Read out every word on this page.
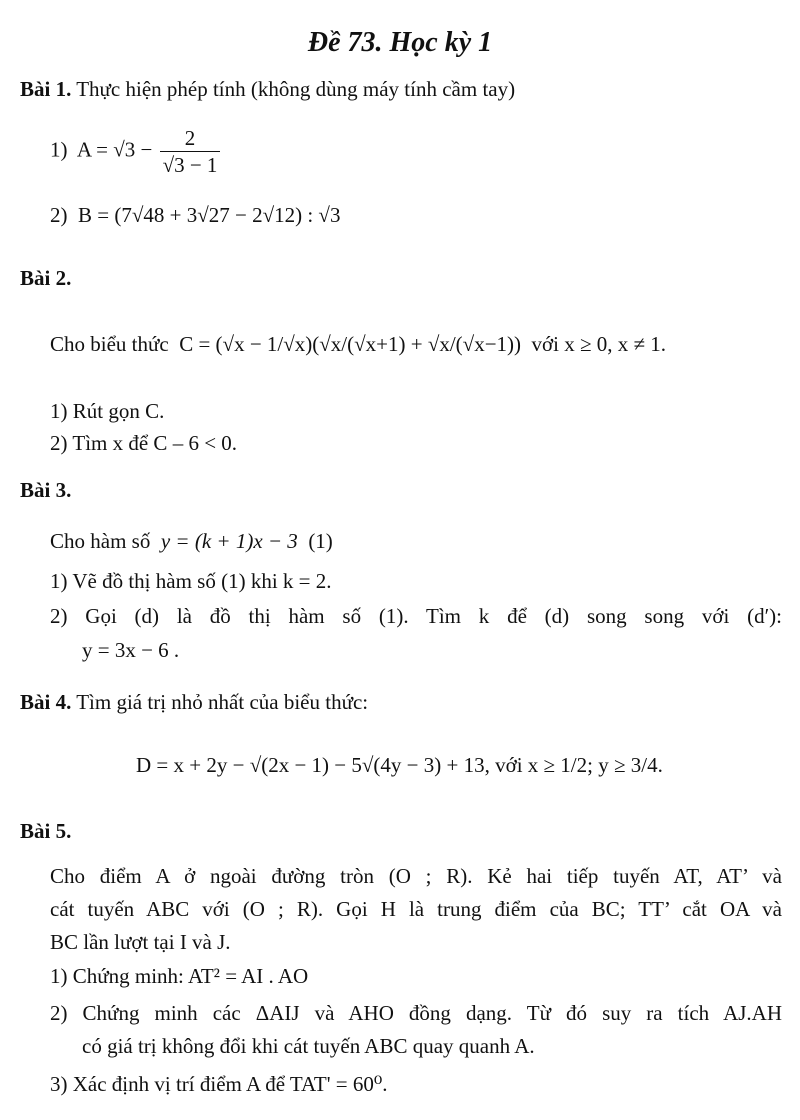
Đề 73. Học kỳ 1
Bài 1. Thực hiện phép tính (không dùng máy tính cầm tay)
1) $A = √3 - \frac{2}{√3 - 1}$
2) B = (7√48 + 3√27 − 2√12) : √3
Bài 2.
Cho biểu thức C = (√x − 1/√x)(√x/(√x+1) + √x/(√x−1)) với x ≥ 0, x ≠ 1.
1) Rút gọn C.
2) Tìm x để C – 6 < 0.
Bài 3.
Cho hàm số y = (k + 1)x − 3 (1)
1) Vẽ đồ thị hàm số (1) khi k = 2.
2) Gọi (d) là đồ thị hàm số (1). Tìm k để (d) song song với (d′):
y = 3x − 6 .
Bài 4. Tìm giá trị nhỏ nhất của biểu thức:
D = x + 2y − √(2x − 1) − 5√(4y − 3) + 13, với x ≥ 1/2; y ≥ 3/4.
Bài 5.
Cho điểm A ở ngoài đường tròn (O ; R). Kẻ hai tiếp tuyến AT, AT’ và
cát tuyến ABC với (O ; R). Gọi H là trung điểm của BC; TT’ cắt OA và
BC lần lượt tại I và J.
1) Chứng minh: AT² = AI . AO
2) Chứng minh các ΔAIJ và AHO đồng dạng. Từ đó suy ra tích AJ.AH
có giá trị không đổi khi cát tuyến ABC quay quanh A.
3) Xác định vị trí điểm A để TAT' = 60⁰.
